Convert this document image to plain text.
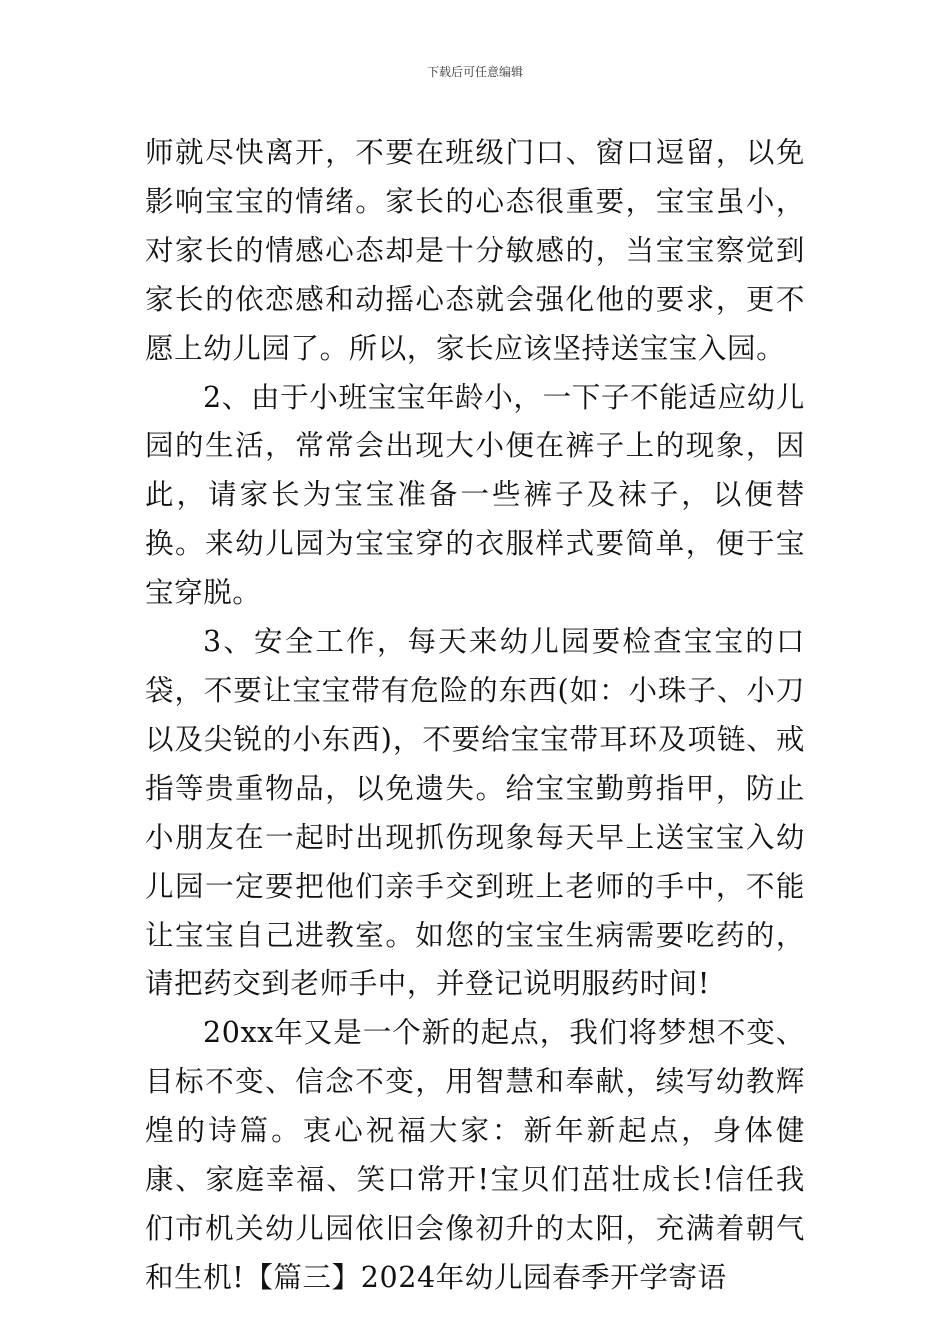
下载后可任意编辑

师就尽快离开，不要在班级门口、窗口逗留，以免影响宝宝的情绪。家长的心态很重要，宝宝虽小，对家长的情感心态却是十分敏感的，当宝宝察觉到家长的依恋感和动摇心态就会强化他的要求，更不愿上幼儿园了。所以，家长应该坚持送宝宝入园。

2、由于小班宝宝年龄小，一下子不能适应幼儿园的生活，常常会出现大小便在裤子上的现象，因此，请家长为宝宝准备一些裤子及袜子，以便替换。来幼儿园为宝宝穿的衣服样式要简单，便于宝宝穿脱。

3、安全工作，每天来幼儿园要检查宝宝的口袋，不要让宝宝带有危险的东西(如：小珠子、小刀以及尖锐的小东西)，不要给宝宝带耳环及项链、戒指等贵重物品，以免遗失。给宝宝勤剪指甲，防止小朋友在一起时出现抓伤现象每天早上送宝宝入幼儿园一定要把他们亲手交到班上老师的手中，不能让宝宝自己进教室。如您的宝宝生病需要吃药的，请把药交到老师手中，并登记说明服药时间!

20xx年又是一个新的起点，我们将梦想不变、目标不变、信念不变，用智慧和奉献，续写幼教辉煌的诗篇。衷心祝福大家：新年新起点，身体健康、家庭幸福、笑口常开!宝贝们茁壮成长!信任我们市机关幼儿园依旧会像初升的太阳，充满着朝气和生机!【篇三】2024年幼儿园春季开学寄语
